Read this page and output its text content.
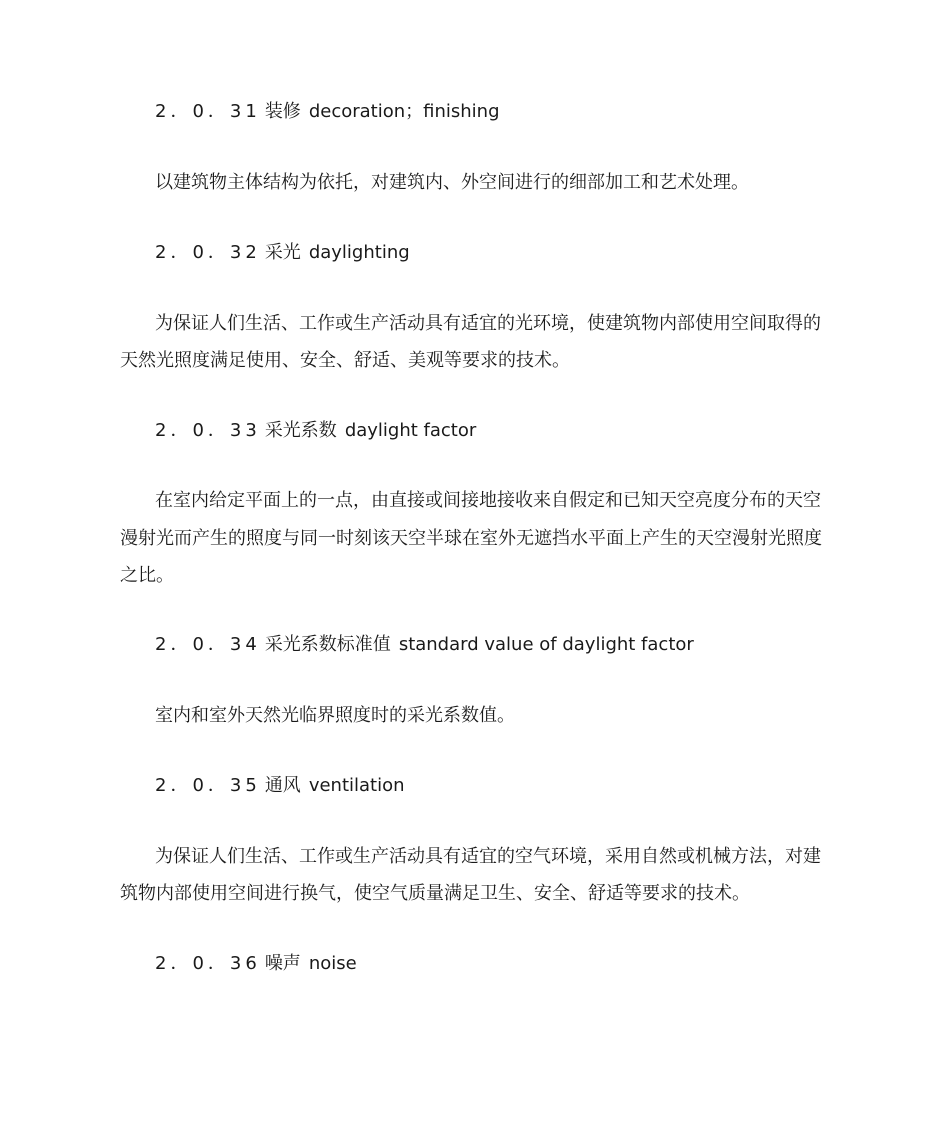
2．0．31 装修 decoration；finishing
以建筑物主体结构为依托，对建筑内、外空间进行的细部加工和艺术处理。
2．0．32 采光 daylighting
为保证人们生活、工作或生产活动具有适宜的光环境，使建筑物内部使用空间取得的
天然光照度满足使用、安全、舒适、美观等要求的技术。
2．0．33 采光系数 daylight factor
在室内给定平面上的一点，由直接或间接地接收来自假定和已知天空亮度分布的天空
漫射光而产生的照度与同一时刻该天空半球在室外无遮挡水平面上产生的天空漫射光照度
之比。
2．0．34 采光系数标准值 standard value of daylight factor
室内和室外天然光临界照度时的采光系数值。
2．0．35 通风 ventilation
为保证人们生活、工作或生产活动具有适宜的空气环境，采用自然或机械方法，对建
筑物内部使用空间进行换气，使空气质量满足卫生、安全、舒适等要求的技术。
2．0．36 噪声 noise
